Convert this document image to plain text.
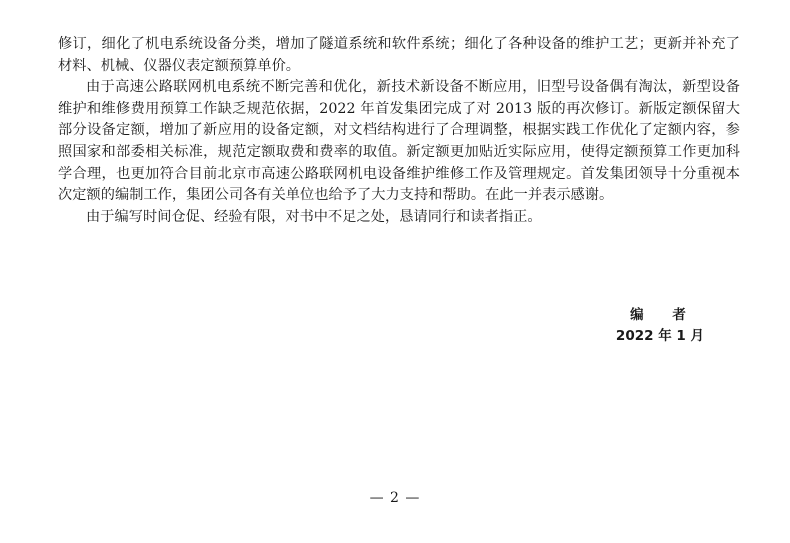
修订，细化了机电系统设备分类，增加了隧道系统和软件系统；细化了各种设备的维护工艺；更新并补充了材料、机械、仪器仪表定额预算单价。

由于高速公路联网机电系统不断完善和优化，新技术新设备不断应用，旧型号设备偶有淘汰，新型设备维护和维修费用预算工作缺乏规范依据，2022 年首发集团完成了对 2013 版的再次修订。新版定额保留大部分设备定额，增加了新应用的设备定额，对文档结构进行了合理调整，根据实践工作优化了定额内容，参照国家和部委相关标准，规范定额取费和费率的取值。新定额更加贴近实际应用，使得定额预算工作更加科学合理，也更加符合目前北京市高速公路联网机电设备维护维修工作及管理规定。首发集团领导十分重视本次定额的编制工作，集团公司各有关单位也给予了大力支持和帮助。在此一并表示感谢。

由于编写时间仓促、经验有限，对书中不足之处，恳请同行和读者指正。

编 者
2022 年 1 月
— 2 —
